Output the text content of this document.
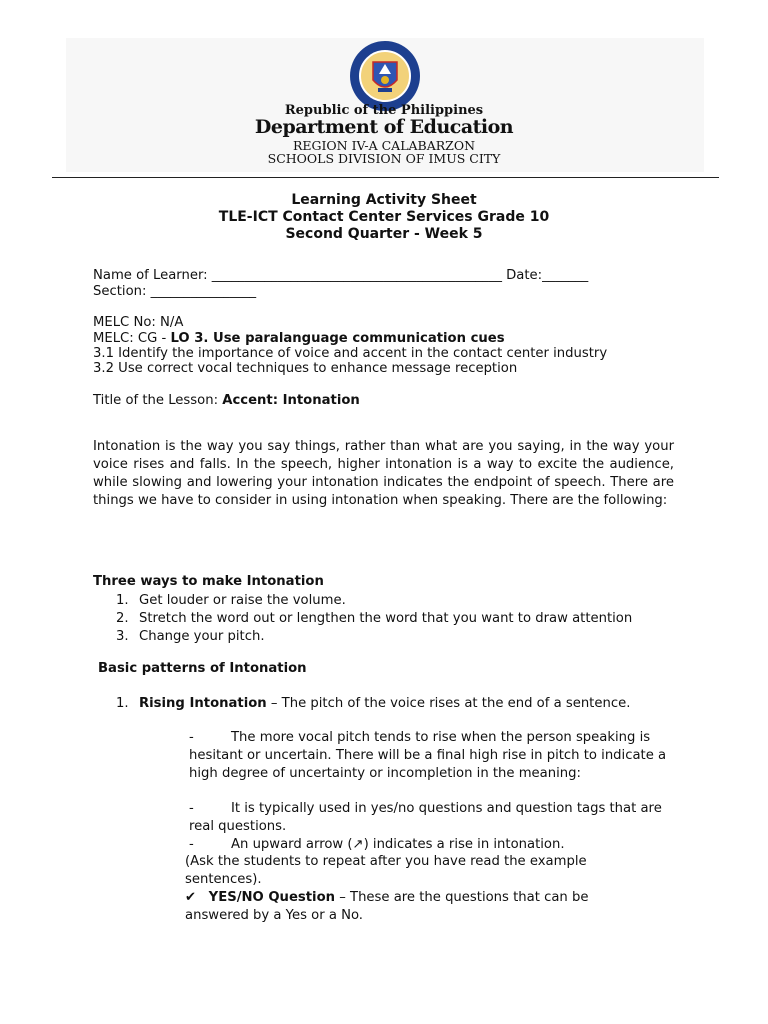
Republic of the Philippines
Department of Education
REGION IV-A CALABARZON
SCHOOLS DIVISION OF IMUS CITY
Learning Activity Sheet
TLE-ICT Contact Center Services Grade 10
Second Quarter - Week 5
Name of Learner: ____________________________________________ Date:_______
Section: ________________
MELC No: N/A
MELC: CG - LO 3. Use paralanguage communication cues
3.1 Identify the importance of voice and accent in the contact center industry
3.2 Use correct vocal techniques to enhance message reception
Title of the Lesson: Accent: Intonation
Intonation is the way you say things, rather than what are you saying, in the way your voice rises and falls. In the speech, higher intonation is a way to excite the audience, while slowing and lowering your intonation indicates the endpoint of speech. There are things we have to consider in using intonation when speaking. There are the following:
Three ways to make Intonation
1. Get louder or raise the volume.
2. Stretch the word out or lengthen the word that you want to draw attention
3. Change your pitch.
Basic patterns of Intonation
1. Rising Intonation – The pitch of the voice rises at the end of a sentence.
-	The more vocal pitch tends to rise when the person speaking is hesitant or uncertain. There will be a final high rise in pitch to indicate a high degree of uncertainty or incompletion in the meaning:
-	It is typically used in yes/no questions and question tags that are real questions.
-	An upward arrow (↗) indicates a rise in intonation.
(Ask the students to repeat after you have read the example
sentences).
✔ YES/NO Question – These are the questions that can be
answered by a Yes or a No.
